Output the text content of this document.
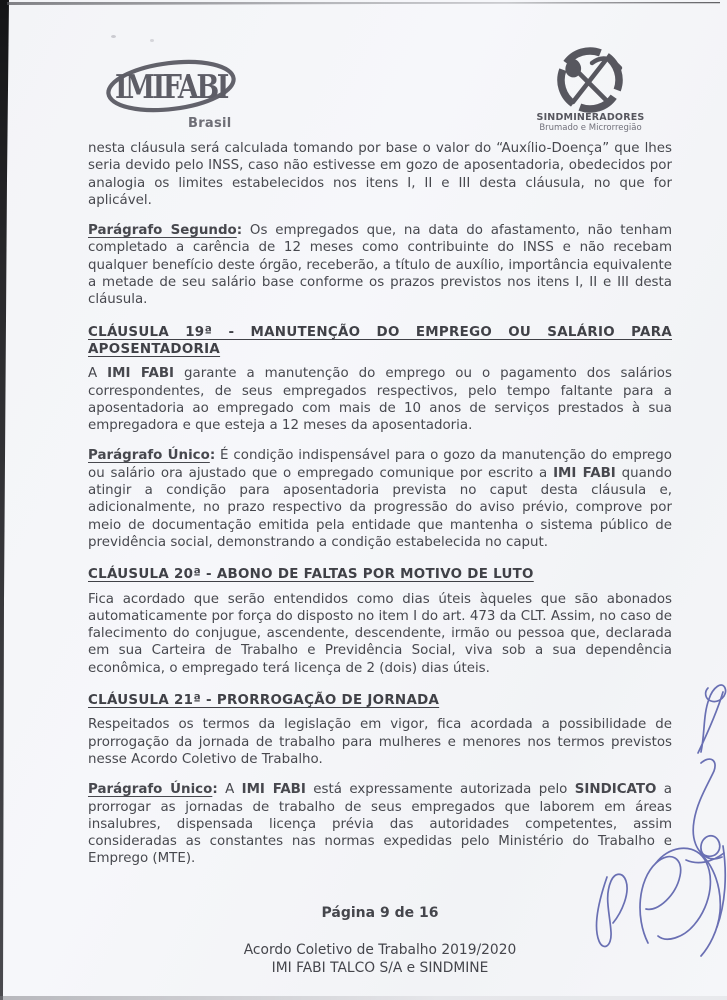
IMIFABI
Brasil	SINDMINERADORES
Brumado e Microrregião

nesta cláusula será calculada tomando por base o valor do “Auxílio-Doença” que lhes seria devido pelo INSS, caso não estivesse em gozo de aposentadoria, obedecidos por analogia os limites estabelecidos nos itens I, II e III desta cláusula, no que for aplicável.

Parágrafo Segundo: Os empregados que, na data do afastamento, não tenham completado a carência de 12 meses como contribuinte do INSS e não recebam qualquer benefício deste órgão, receberão, a título de auxílio, importância equivalente a metade de seu salário base conforme os prazos previstos nos itens I, II e III desta cláusula.

CLÁUSULA 19ª - MANUTENÇÃO DO EMPREGO OU SALÁRIO PARA APOSENTADORIA

A IMI FABI garante a manutenção do emprego ou o pagamento dos salários correspondentes, de seus empregados respectivos, pelo tempo faltante para a aposentadoria ao empregado com mais de 10 anos de serviços prestados à sua empregadora e que esteja a 12 meses da aposentadoria.

Parágrafo Único: É condição indispensável para o gozo da manutenção do emprego ou salário ora ajustado que o empregado comunique por escrito a IMI FABI quando atingir a condição para aposentadoria prevista no caput desta cláusula e, adicionalmente, no prazo respectivo da progressão do aviso prévio, comprove por meio de documentação emitida pela entidade que mantenha o sistema público de previdência social, demonstrando a condição estabelecida no caput.

CLÁUSULA 20ª - ABONO DE FALTAS POR MOTIVO DE LUTO

Fica acordado que serão entendidos como dias úteis àqueles que são abonados automaticamente por força do disposto no item I do art. 473 da CLT. Assim, no caso de falecimento do conjugue, ascendente, descendente, irmão ou pessoa que, declarada em sua Carteira de Trabalho e Previdência Social, viva sob a sua dependência econômica, o empregado terá licença de 2 (dois) dias úteis.

CLÁUSULA 21ª - PRORROGAÇÃO DE JORNADA

Respeitados os termos da legislação em vigor, fica acordada a possibilidade de prorrogação da jornada de trabalho para mulheres e menores nos termos previstos nesse Acordo Coletivo de Trabalho.

Parágrafo Único: A IMI FABI está expressamente autorizada pelo SINDICATO a prorrogar as jornadas de trabalho de seus empregados que laborem em áreas insalubres, dispensada licença prévia das autoridades competentes, assim consideradas as constantes nas normas expedidas pelo Ministério do Trabalho e Emprego (MTE).

Página 9 de 16
Acordo Coletivo de Trabalho 2019/2020
IMI FABI TALCO S/A e SINDMINE
